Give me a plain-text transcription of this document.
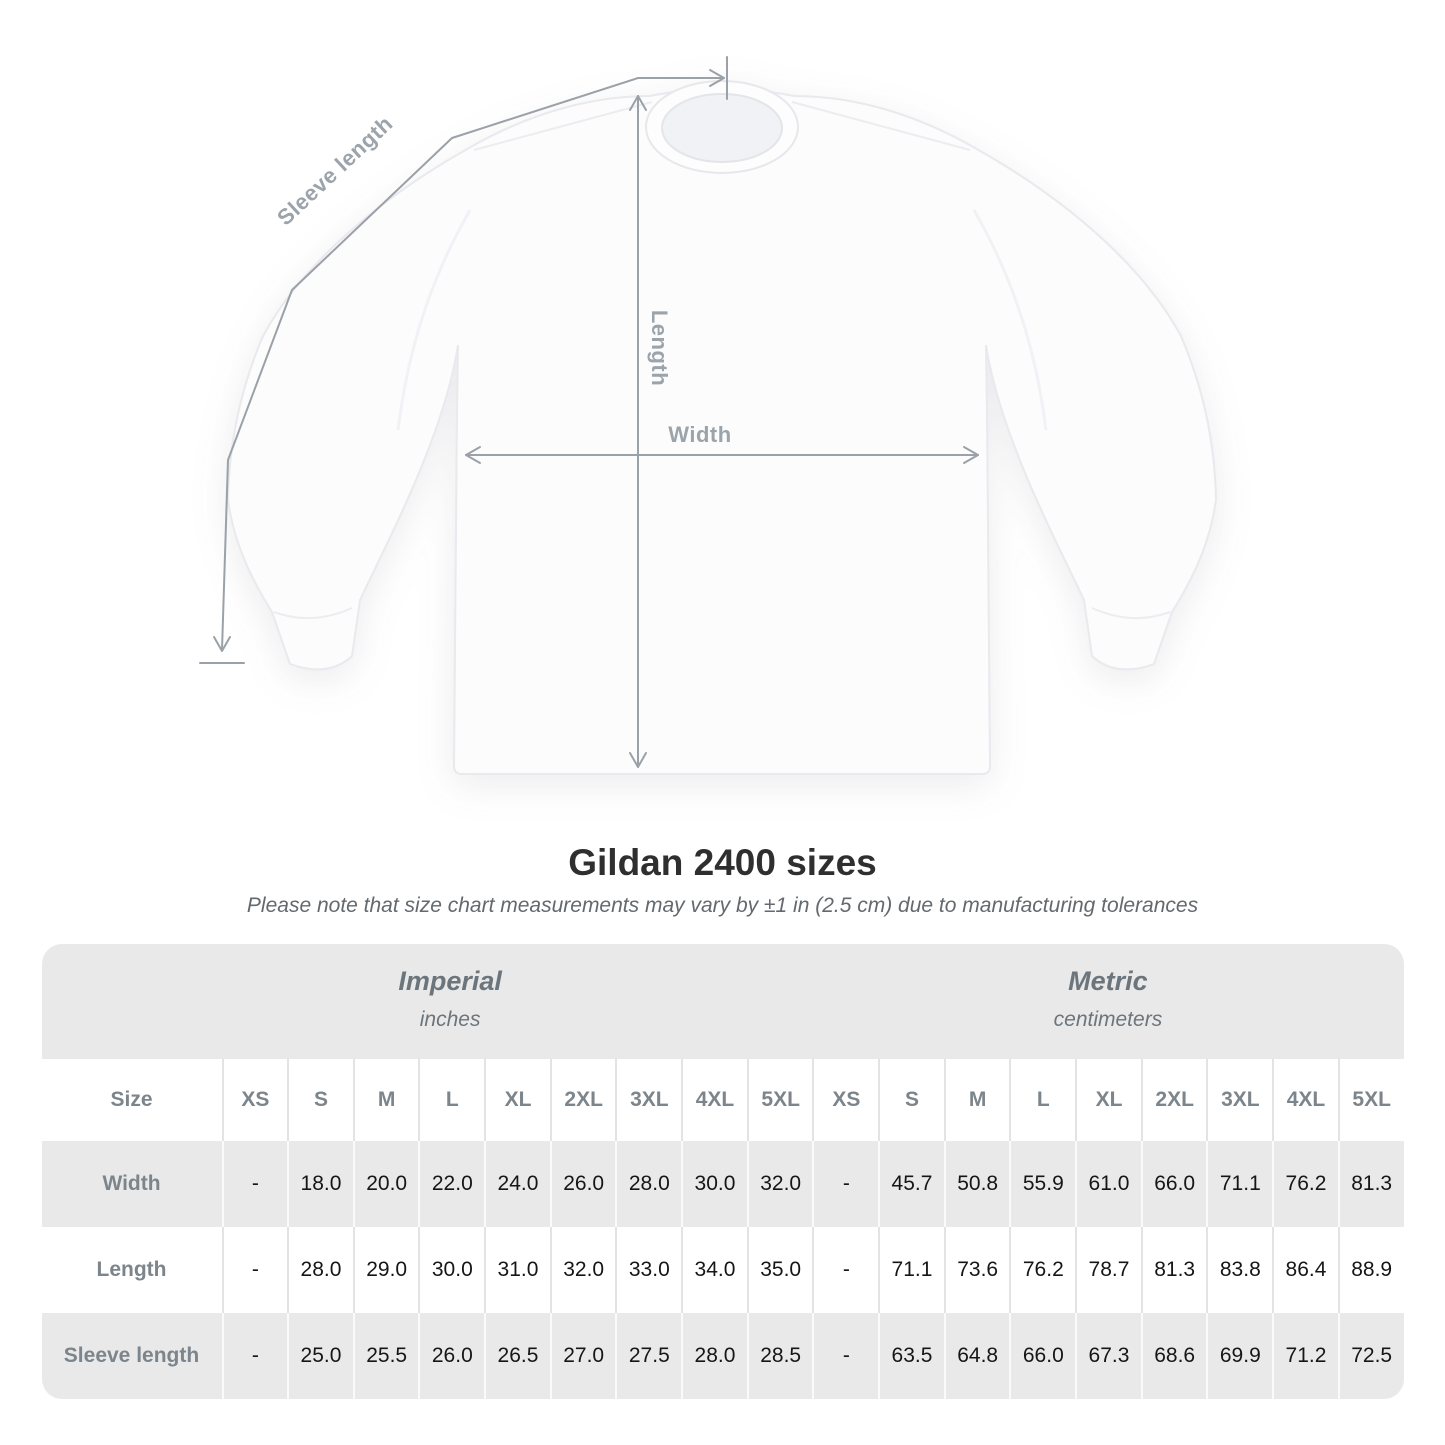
Width
Length
Sleeve length
Gildan 2400 sizes
Please note that size chart measurements may vary by ±1 in (2.5 cm) due to manufacturing tolerances
Imperial
inches
Metric
centimeters
Size	XS	S	M	L	XL	2XL	3XL	4XL	5XL	XS	S	M	L	XL	2XL	3XL	4XL	5XL
Width	-	18.0	20.0	22.0	24.0	26.0	28.0	30.0	32.0	-	45.7	50.8	55.9	61.0	66.0	71.1	76.2	81.3
Length	-	28.0	29.0	30.0	31.0	32.0	33.0	34.0	35.0	-	71.1	73.6	76.2	78.7	81.3	83.8	86.4	88.9
Sleeve length	-	25.0	25.5	26.0	26.5	27.0	27.5	28.0	28.5	-	63.5	64.8	66.0	67.3	68.6	69.9	71.2	72.5
